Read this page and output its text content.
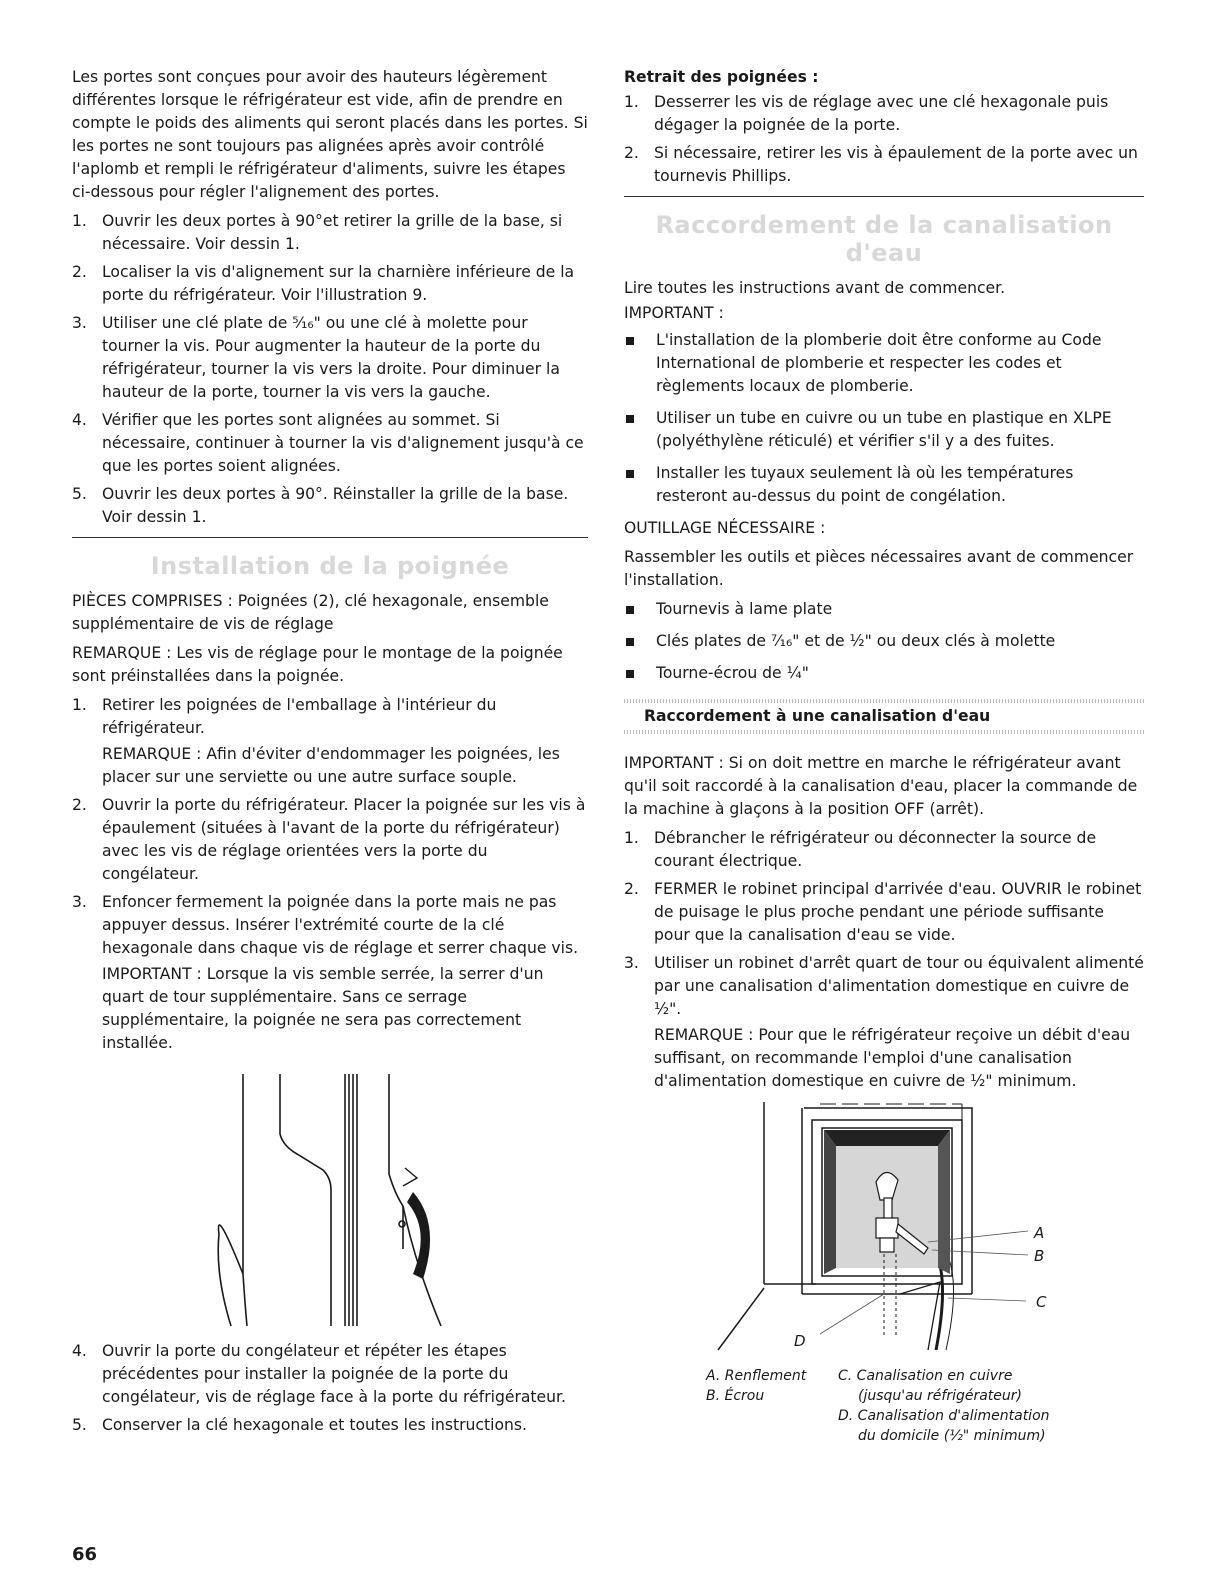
Les portes sont conçues pour avoir des hauteurs légèrement différentes lorsque le réfrigérateur est vide, afin de prendre en compte le poids des aliments qui seront placés dans les portes. Si les portes ne sont toujours pas alignées après avoir contrôlé l'aplomb et rempli le réfrigérateur d'aliments, suivre les étapes ci-dessous pour régler l'alignement des portes.

1. Ouvrir les deux portes à 90°et retirer la grille de la base, si nécessaire. Voir dessin 1.
2. Localiser la vis d'alignement sur la charnière inférieure de la porte du réfrigérateur. Voir l'illustration 9.
3. Utiliser une clé plate de ⁵⁄₁₆" ou une clé à molette pour tourner la vis. Pour augmenter la hauteur de la porte du réfrigérateur, tourner la vis vers la droite. Pour diminuer la hauteur de la porte, tourner la vis vers la gauche.
4. Vérifier que les portes sont alignées au sommet. Si nécessaire, continuer à tourner la vis d'alignement jusqu'à ce que les portes soient alignées.
5. Ouvrir les deux portes à 90°. Réinstaller la grille de la base. Voir dessin 1.
Installation de la poignée

PIÈCES COMPRISES : Poignées (2), clé hexagonale, ensemble supplémentaire de vis de réglage

REMARQUE : Les vis de réglage pour le montage de la poignée sont préinstallées dans la poignée.

1. Retirer les poignées de l'emballage à l'intérieur du réfrigérateur.
REMARQUE : Afin d'éviter d'endommager les poignées, les placer sur une serviette ou une autre surface souple.
2. Ouvrir la porte du réfrigérateur. Placer la poignée sur les vis à épaulement (situées à l'avant de la porte du réfrigérateur) avec les vis de réglage orientées vers la porte du congélateur.
3. Enfoncer fermement la poignée dans la porte mais ne pas appuyer dessus. Insérer l'extrémité courte de la clé hexagonale dans chaque vis de réglage et serrer chaque vis.
IMPORTANT : Lorsque la vis semble serrée, la serrer d'un quart de tour supplémentaire. Sans ce serrage supplémentaire, la poignée ne sera pas correctement installée.
4. Ouvrir la porte du congélateur et répéter les étapes précédentes pour installer la poignée de la porte du congélateur, vis de réglage face à la porte du réfrigérateur.
5. Conserver la clé hexagonale et toutes les instructions.
Retrait des poignées :
1. Desserrer les vis de réglage avec une clé hexagonale puis dégager la poignée de la porte.
2. Si nécessaire, retirer les vis à épaulement de la porte avec un tournevis Phillips.
Raccordement de la canalisation d'eau

Lire toutes les instructions avant de commencer.

IMPORTANT :
L'installation de la plomberie doit être conforme au Code International de plomberie et respecter les codes et règlements locaux de plomberie.
Utiliser un tube en cuivre ou un tube en plastique en XLPE (polyéthylène réticulé) et vérifier s'il y a des fuites.
Installer les tuyaux seulement là où les températures resteront au-dessus du point de congélation.
OUTILLAGE NÉCESSAIRE :

Rassembler les outils et pièces nécessaires avant de commencer l'installation.

Tournevis à lame plate
Clés plates de ⁷⁄₁₆" et de ½" ou deux clés à molette
Tourne-écrou de ¼"
Raccordement à une canalisation d'eau

IMPORTANT : Si on doit mettre en marche le réfrigérateur avant qu'il soit raccordé à la canalisation d'eau, placer la commande de la machine à glaçons à la position OFF (arrêt).

1. Débrancher le réfrigérateur ou déconnecter la source de courant électrique.
2. FERMER le robinet principal d'arrivée d'eau. OUVRIR le robinet de puisage le plus proche pendant une période suffisante pour que la canalisation d'eau se vide.
3. Utiliser un robinet d'arrêt quart de tour ou équivalent alimenté par une canalisation d'alimentation domestique en cuivre de ½".
REMARQUE : Pour que le réfrigérateur reçoive un débit d'eau suffisant, on recommande l'emploi d'une canalisation d'alimentation domestique en cuivre de ½" minimum.
A
B
C
D
A. Renflement
B. Écrou
C. Canalisation en cuivre
(jusqu'au réfrigérateur)
D. Canalisation d'alimentation
du domicile (½" minimum)
66
